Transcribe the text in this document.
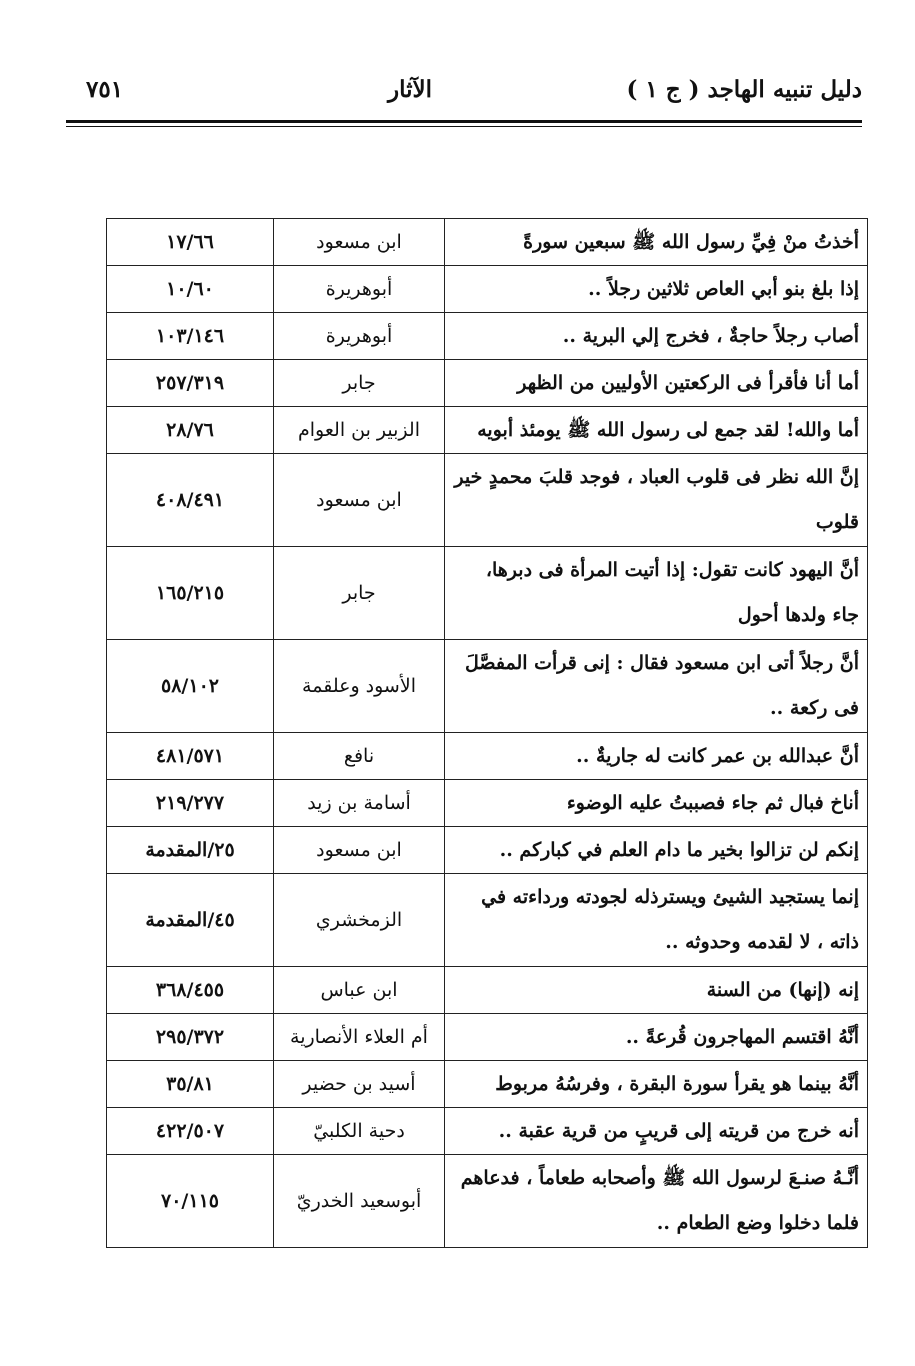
دليل تنبيه الهاجد ( ج ١ )
الآثار
٧٥١
أخذتُ منْ فِيِّ رسول الله ﷺ سبعين سورةً	ابن مسعود	١٧/٦٦
إذا بلغ بنو أبي العاص ثلاثين رجلاً ..	أبوهريرة	١٠/٦٠
أصاب رجلاً حاجةٌ ، فخرج إلي البرية ..	أبوهريرة	١٠٣/١٤٦
أما أنا فأقرأ فى الركعتين الأوليين من الظهر	جابر	٢٥٧/٣١٩
أما والله! لقد جمع لى رسول الله ﷺ يومئذ أبويه	الزبير بن العوام	٢٨/٧٦
إنَّ الله نظر فى قلوب العباد ، فوجد قلبَ محمدٍ خير قلوب	ابن مسعود	٤٠٨/٤٩١
أنَّ اليهود كانت تقول: إذا أتيت المرأة فى دبرها، جاء ولدها أحول	جابر	١٦٥/٢١٥
أنَّ رجلاً أتى ابن مسعود فقال : إنى قرأت المفصَّلَ فى ركعة ..	الأسود وعلقمة	٥٨/١٠٢
أنَّ عبدالله بن عمر كانت له جاريةٌ ..	نافع	٤٨١/٥٧١
أناخ فبال ثم جاء فصببتُ عليه الوضوء	أسامة بن زيد	٢١٩/٢٧٧
إنكم لن تزالوا بخير ما دام العلم في كباركم ..	ابن مسعود	٢٥/المقدمة
إنما يستجيد الشيئ ويسترذله لجودته ورداءته في ذاته ، لا لقدمه وحدوثه ..	الزمخشري	٤٥/المقدمة
إنه (إنها) من السنة	ابن عباس	٣٦٨/٤٥٥
أنَّهُ اقتسم المهاجرون قُرعةً ..	أم العلاء الأنصارية	٢٩٥/٣٧٢
أنَّهُ بينما هو يقرأ سورة البقرة ، وفرسُهُ مربوط	أسيد بن حضير	٣٥/٨١
أنه خرج من قريته إلى قريبٍ من قرية عقبة ..	دحية الكلبيّ	٤٢٢/٥٠٧
أنَّـهُ صنـعَ لرسول الله ﷺ وأصحابه طعاماً ، فدعاهم فلما دخلوا وضع الطعام ..	أبوسعيد الخدريّ	٧٠/١١٥
